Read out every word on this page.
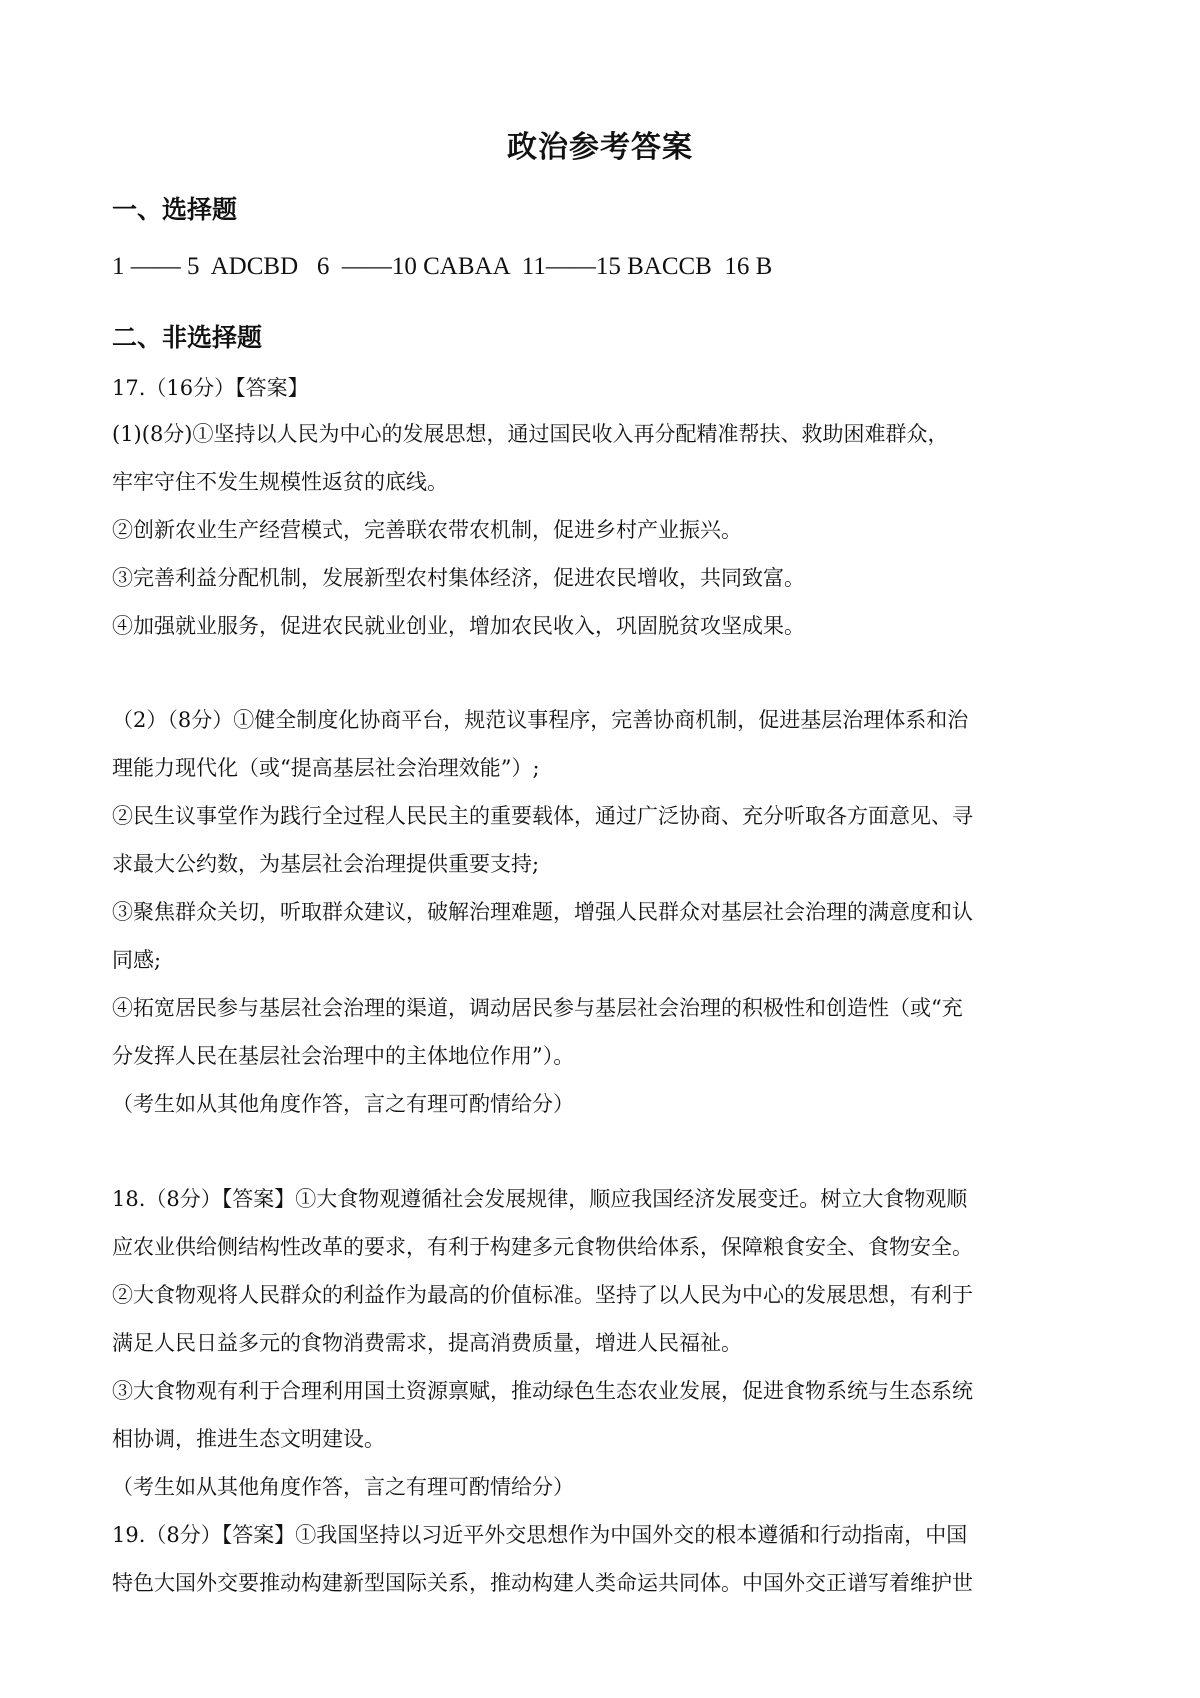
政治参考答案
一、选择题
1 —— 5  ADCBD   6  ——10 CABAA  11——15 BACCB  16 B
二、非选择题
17.（16分）【答案】
(1)(8分)①坚持以人民为中心的发展思想，通过国民收入再分配精准帮扶、救助困难群众，
牢牢守住不发生规模性返贫的底线。
②创新农业生产经营模式，完善联农带农机制，促进乡村产业振兴。
③完善利益分配机制，发展新型农村集体经济，促进农民增收，共同致富。
④加强就业服务，促进农民就业创业，增加农民收入，巩固脱贫攻坚成果。
（2）（8分）①健全制度化协商平台，规范议事程序，完善协商机制，促进基层治理体系和治
理能力现代化（或“提高基层社会治理效能”）;
②民生议事堂作为践行全过程人民民主的重要载体，通过广泛协商、充分听取各方面意见、寻
求最大公约数，为基层社会治理提供重要支持;
③聚焦群众关切，听取群众建议，破解治理难题，增强人民群众对基层社会治理的满意度和认
同感;
④拓宽居民参与基层社会治理的渠道，调动居民参与基层社会治理的积极性和创造性（或“充
分发挥人民在基层社会治理中的主体地位作用”）。
（考生如从其他角度作答，言之有理可酌情给分）
18.（8分）【答案】①大食物观遵循社会发展规律，顺应我国经济发展变迁。树立大食物观顺
应农业供给侧结构性改革的要求，有利于构建多元食物供给体系，保障粮食安全、食物安全。
②大食物观将人民群众的利益作为最高的价值标准。坚持了以人民为中心的发展思想，有利于
满足人民日益多元的食物消费需求，提高消费质量，增进人民福祉。
③大食物观有利于合理利用国土资源禀赋，推动绿色生态农业发展，促进食物系统与生态系统
相协调，推进生态文明建设。
（考生如从其他角度作答，言之有理可酌情给分）
19.（8分）【答案】①我国坚持以习近平外交思想作为中国外交的根本遵循和行动指南，中国
特色大国外交要推动构建新型国际关系，推动构建人类命运共同体。中国外交正谱写着维护世
